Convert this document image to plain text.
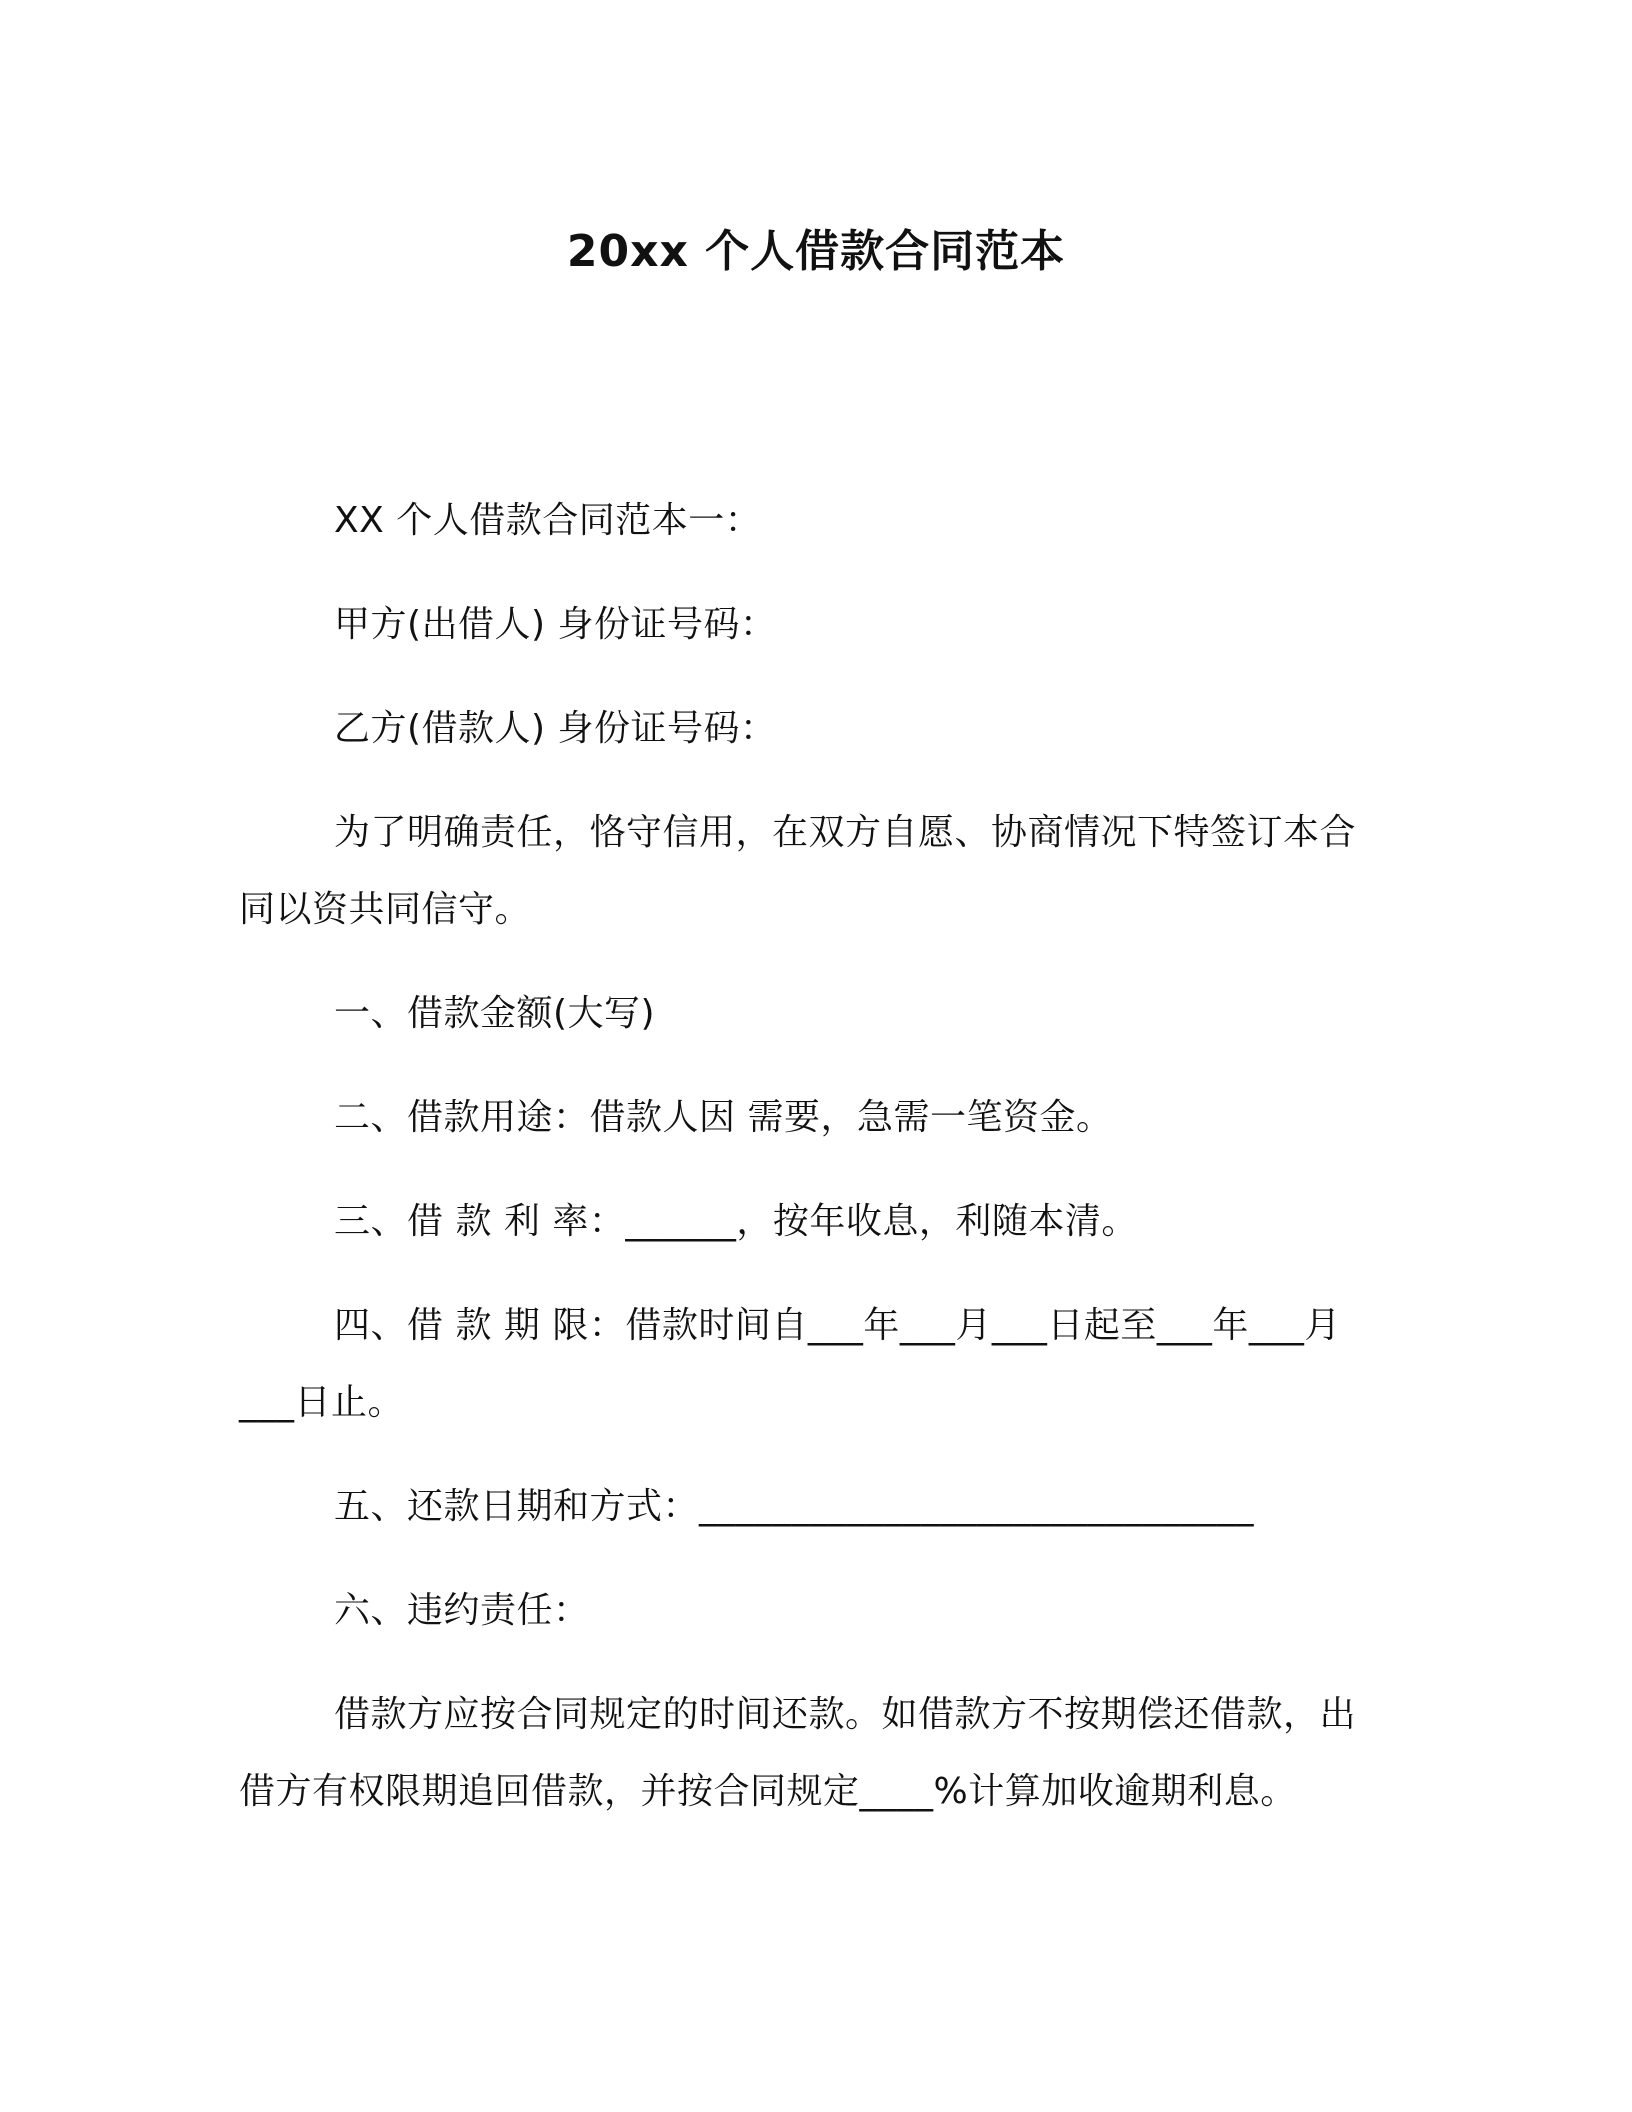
20xx 个人借款合同范本

XX 个人借款合同范本一：

甲方(出借人) 身份证号码：

乙方(借款人) 身份证号码：

为了明确责任，恪守信用，在双方自愿、协商情况下特签订本合同以资共同信守。

一、借款金额(大写)

二、借款用途：借款人因 需要，急需一笔资金。

三、借 款 利 率：______，按年收息，利随本清。

四、借 款 期 限：借款时间自___年___月___日起至___年___月___日止。

五、还款日期和方式：______________________________

六、违约责任：

借款方应按合同规定的时间还款。如借款方不按期偿还借款，出借方有权限期追回借款，并按合同规定____%计算加收逾期利息。
